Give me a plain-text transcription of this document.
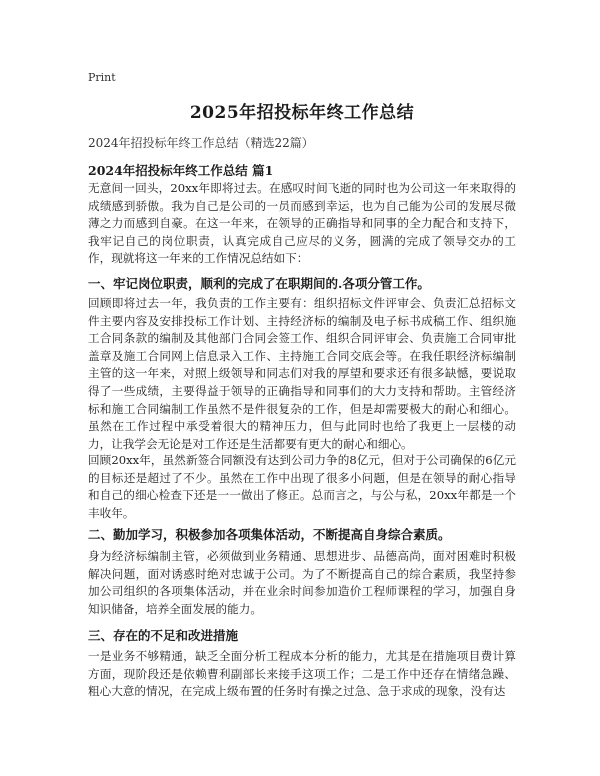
Print
2025年招投标年终工作总结
2024年招投标年终工作总结（精选22篇）
2024年招投标年终工作总结 篇1
无意间一回头，20xx年即将过去。在感叹时间飞逝的同时也为公司这一年来取得的成绩感到骄傲。我为自己是公司的一员而感到幸运，也为自己能为公司的发展尽微薄之力而感到自豪。在这一年来，在领导的正确指导和同事的全力配合和支持下，我牢记自己的岗位职责，认真完成自己应尽的义务，圆满的完成了领导交办的工作，现就将这一年来的工作情况总结如下：
一、牢记岗位职责，顺利的完成了在职期间的.各项分管工作。
回顾即将过去一年，我负责的工作主要有：组织招标文件评审会、负责汇总招标文件主要内容及安排投标工作计划、主持经济标的编制及电子标书成稿工作、组织施工合同条款的编制及其他部门合同会签工作、组织合同评审会、负责施工合同审批盖章及施工合同网上信息录入工作、主持施工合同交底会等。在我任职经济标编制主管的这一年来，对照上级领导和同志们对我的厚望和要求还有很多缺憾，要说取得了一些成绩，主要得益于领导的正确指导和同事们的大力支持和帮助。主管经济标和施工合同编制工作虽然不是件很复杂的工作，但是却需要极大的耐心和细心。虽然在工作过程中承受着很大的精神压力，但与此同时也给了我更上一层楼的动力，让我学会无论是对工作还是生活都要有更大的耐心和细心。
回顾20xx年，虽然新签合同额没有达到公司力争的8亿元，但对于公司确保的6亿元的目标还是超过了不少。虽然在工作中出现了很多小问题，但是在领导的耐心指导和自己的细心检查下还是一一做出了修正。总而言之，与公与私，20xx年都是一个丰收年。
二、勤加学习，积极参加各项集体活动，不断提高自身综合素质。
身为经济标编制主管，必须做到业务精通、思想进步、品德高尚，面对困难时积极解决问题，面对诱惑时绝对忠诚于公司。为了不断提高自己的综合素质，我坚持参加公司组织的各项集体活动，并在业余时间参加造价工程师课程的学习，加强自身知识储备，培养全面发展的能力。
三、存在的不足和改进措施
一是业务不够精通，缺乏全面分析工程成本分析的能力，尤其是在措施项目费计算方面，现阶段还是依赖曹利副部长来接手这项工作；二是工作中还存在情绪急躁、粗心大意的情况，在完成上级布置的任务时有操之过急、急于求成的现象，没有达
